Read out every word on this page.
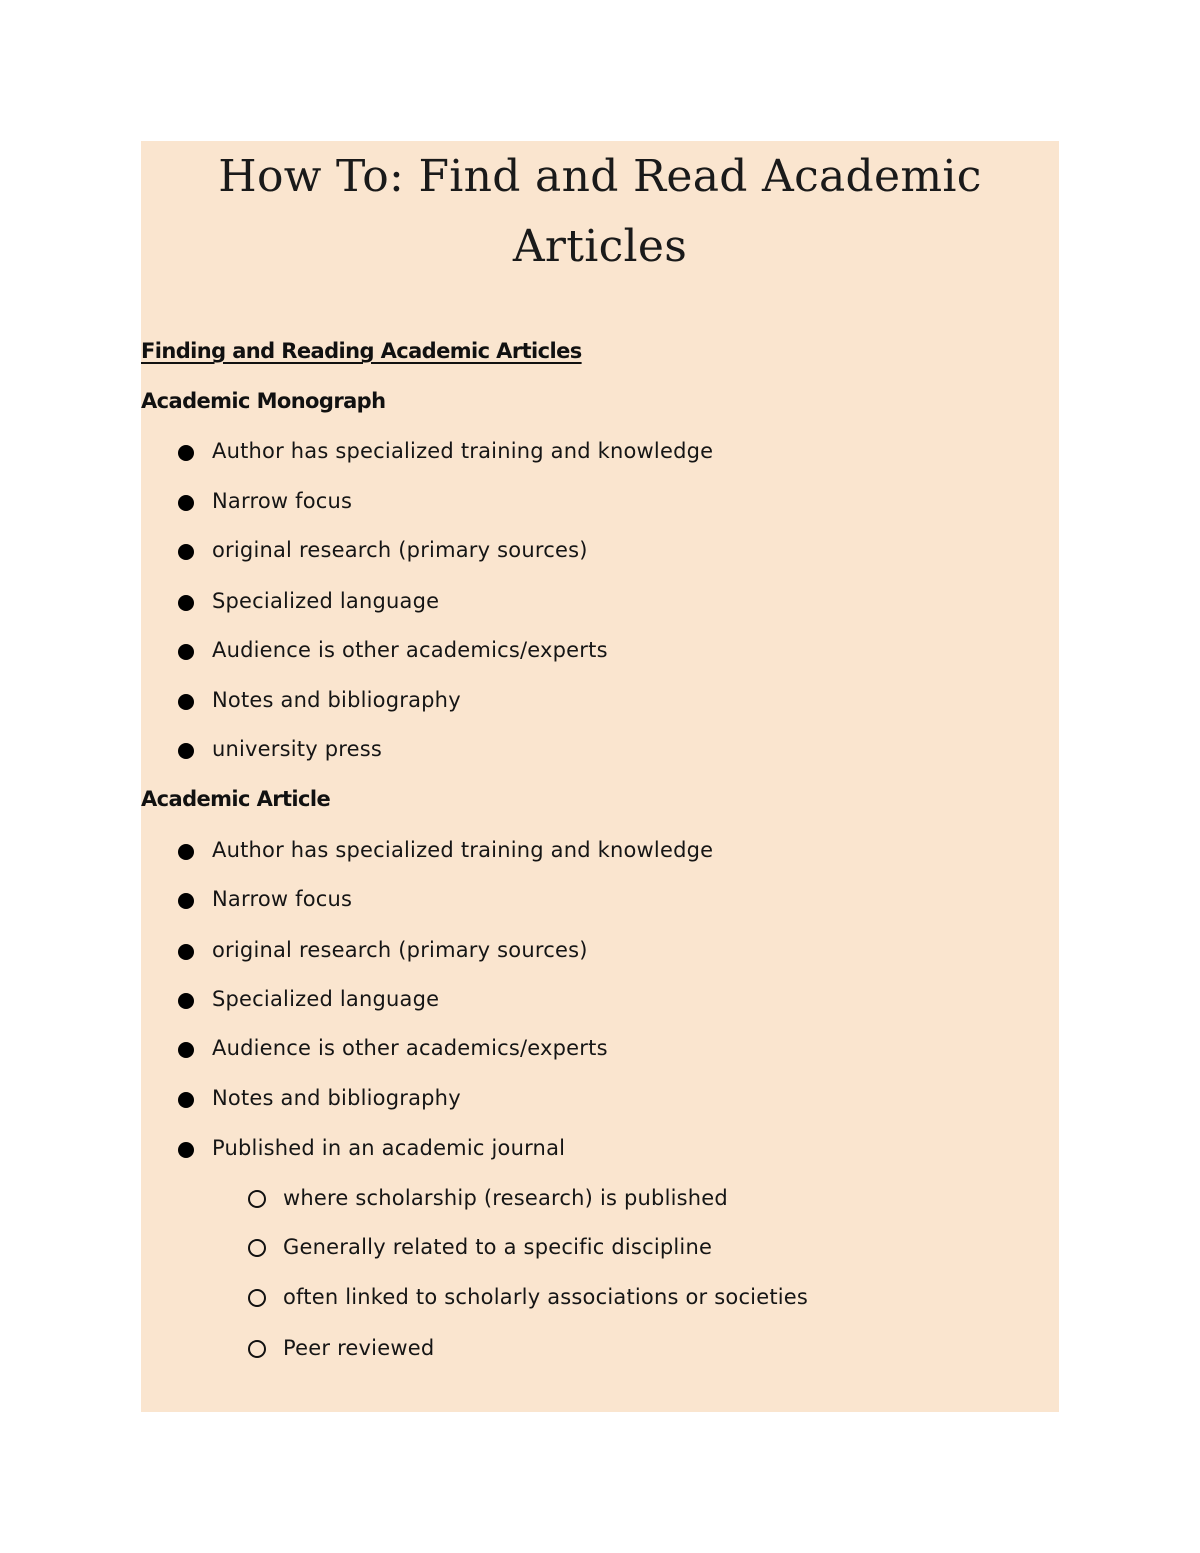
How To: Find and Read Academic
Articles
Finding and Reading Academic Articles
Academic Monograph
Author has specialized training and knowledge
Narrow focus
original research (primary sources)
Specialized language
Audience is other academics/experts
Notes and bibliography
university press
Academic Article
Author has specialized training and knowledge
Narrow focus
original research (primary sources)
Specialized language
Audience is other academics/experts
Notes and bibliography
Published in an academic journal
where scholarship (research) is published
Generally related to a specific discipline
often linked to scholarly associations or societies
Peer reviewed
